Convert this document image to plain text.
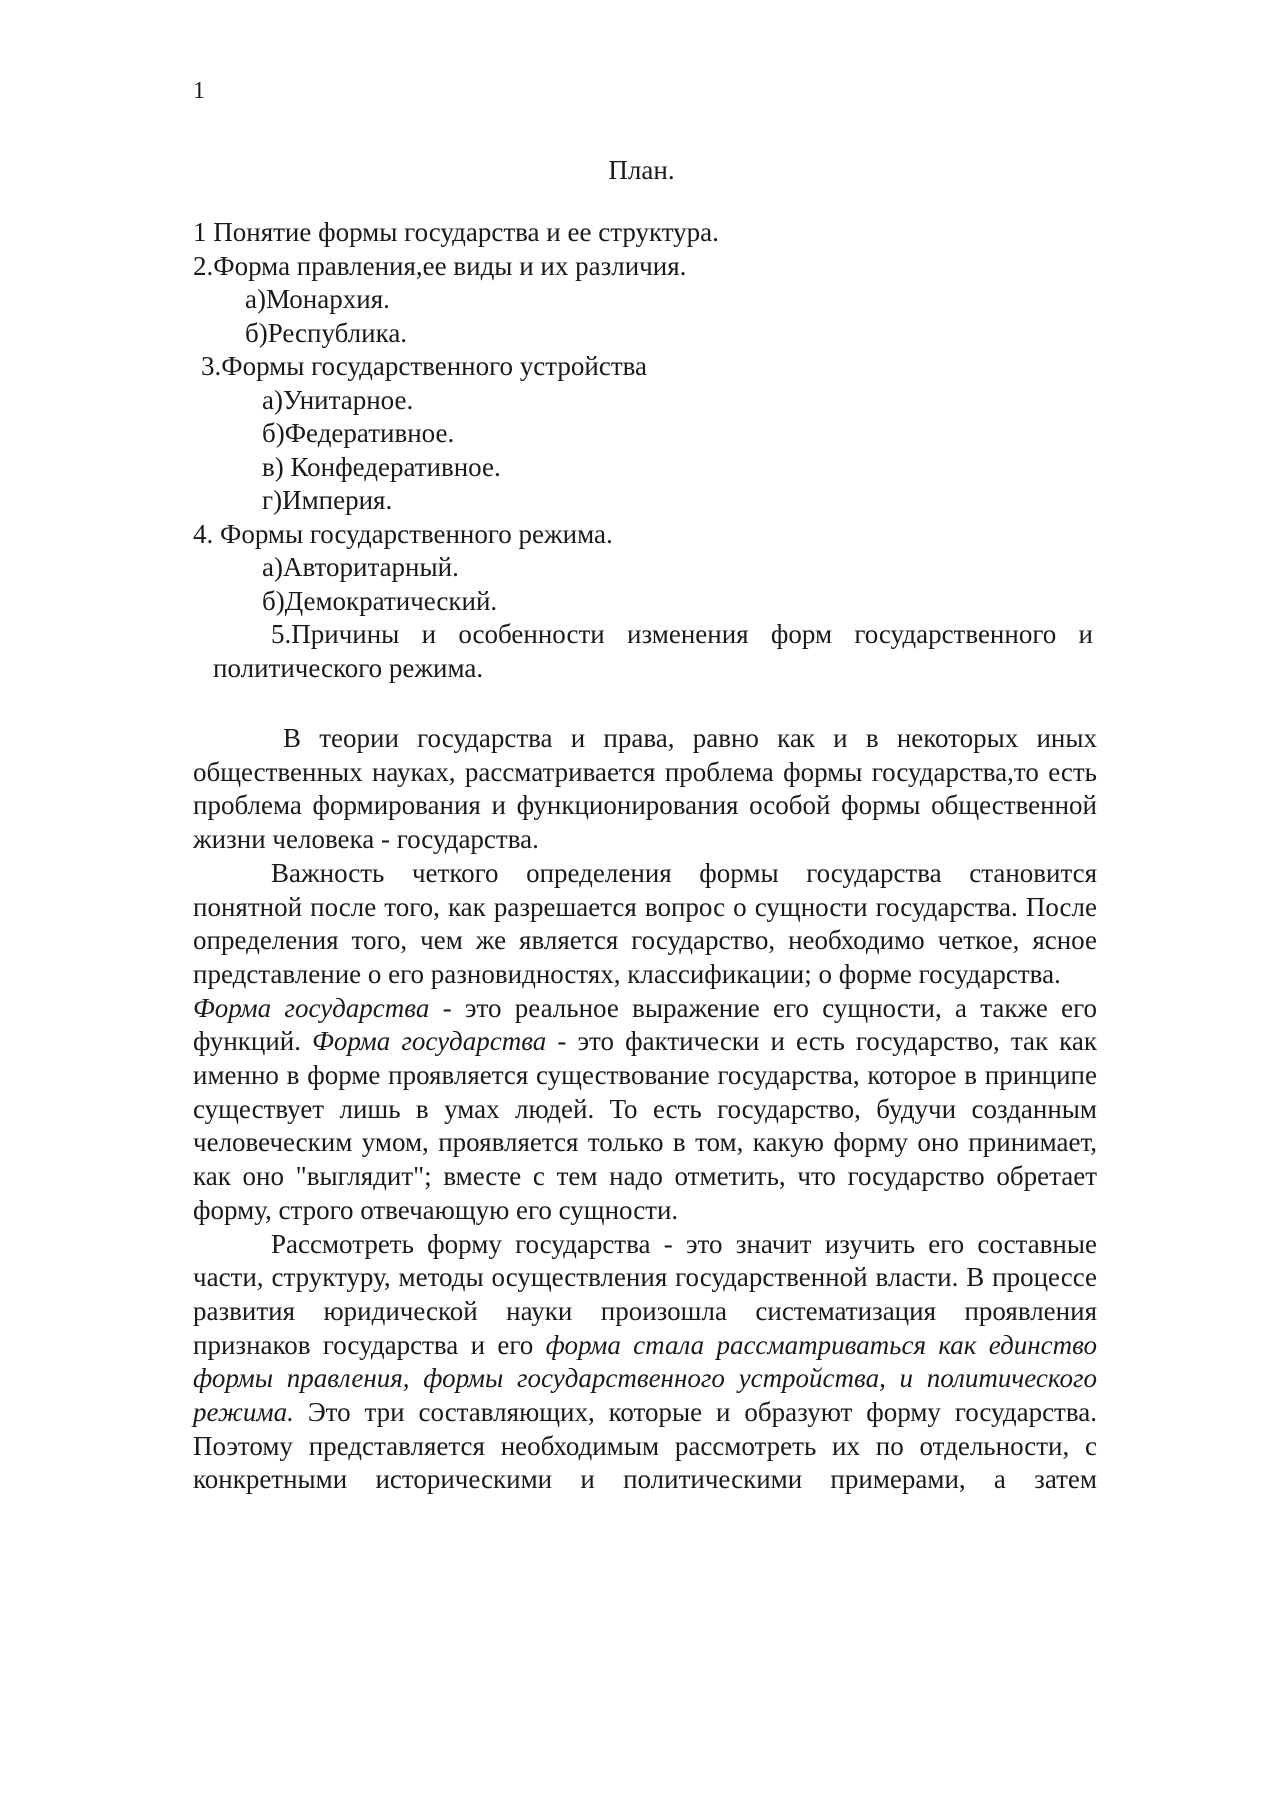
1
План.
1 Понятие формы государства и ее структура.
2.Форма правления,ее виды и их различия.
а)Монархия.
б)Республика.
3.Формы государственного устройства
а)Унитарное.
б)Федеративное.
в) Конфедеративное.
г)Империя.
4. Формы государственного режима.
а)Авторитарный.
б)Демократический.
5.Причины и особенности изменения форм государственного и политического режима.

В теории государства и права, равно как и в некоторых иных общественных науках, рассматривается проблема формы государства,то есть проблема формирования и функционирования особой формы общественной жизни человека - государства.

Важность четкого определения формы государства становится понятной после того, как разрешается вопрос о сущности государства. После определения того, чем же является государство, необходимо четкое, ясное представление о его разновидностях, классификации; о форме государства.

Форма государства - это реальное выражение его сущности, а также его функций. Форма государства - это фактически и есть государство, так как именно в форме проявляется существование государства, которое в принципе существует лишь в умах людей. То есть государство, будучи созданным человеческим умом, проявляется только в том, какую форму оно принимает, как оно "выглядит"; вместе с тем надо отметить, что государство обретает форму, строго отвечающую его сущности.

Рассмотреть форму государства - это значит изучить его составные части, структуру, методы осуществления государственной власти. В процессе развития юридической науки произошла систематизация проявления признаков государства и его форма стала рассматриваться как единство формы правления, формы государственного устройства, и политического режима. Это три составляющих, которые и образуют форму государства. Поэтому представляется необходимым рассмотреть их по отдельности, с конкретными историческими и политическими примерами, а затем
